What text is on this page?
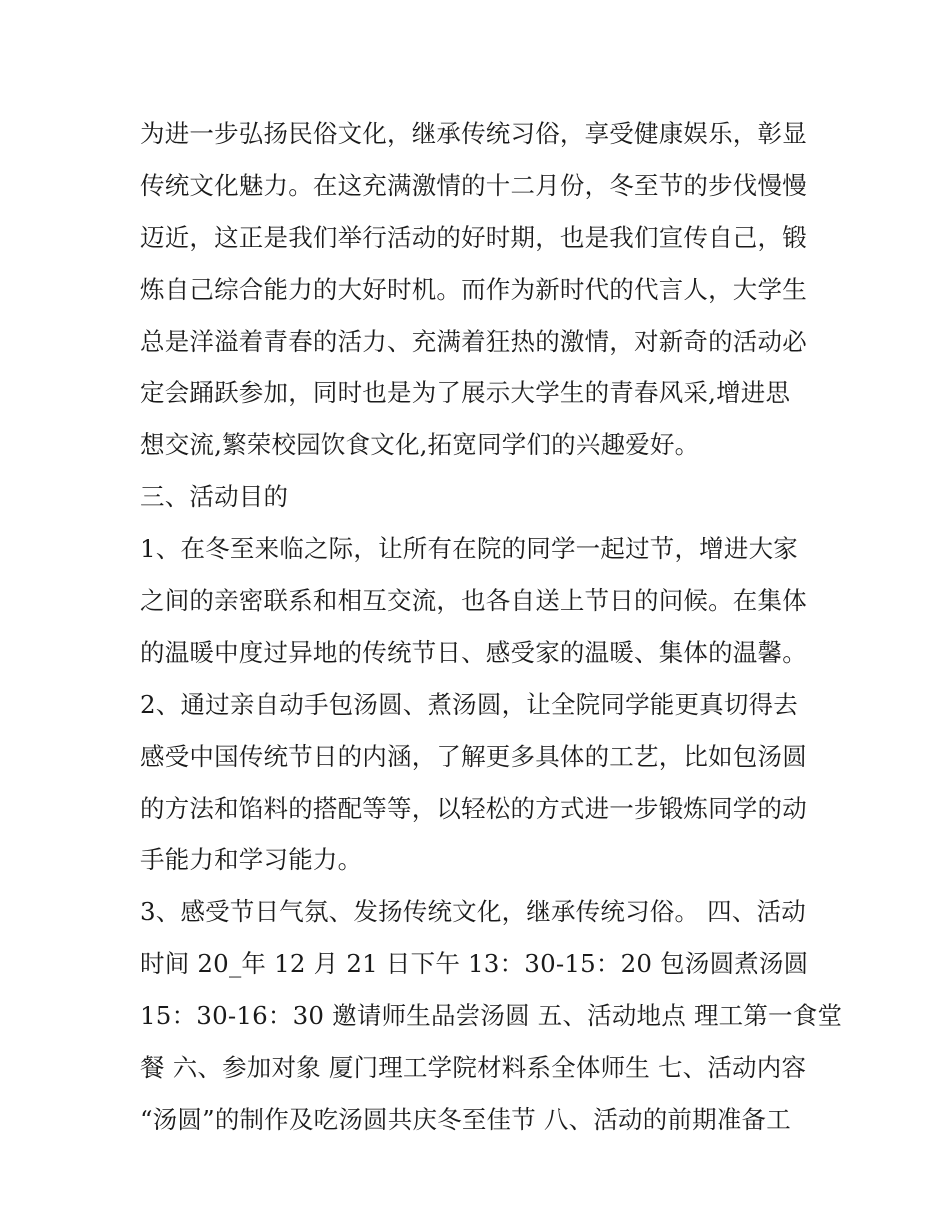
为进一步弘扬民俗文化，继承传统习俗，享受健康娱乐，彰显
传统文化魅力。在这充满激情的十二月份，冬至节的步伐慢慢
迈近，这正是我们举行活动的好时期，也是我们宣传自己，锻
炼自己综合能力的大好时机。而作为新时代的代言人，大学生
总是洋溢着青春的活力、充满着狂热的激情，对新奇的活动必
定会踊跃参加，同时也是为了展示大学生的青春风采,增进思
想交流,繁荣校园饮食文化,拓宽同学们的兴趣爱好。
三、活动目的
1、在冬至来临之际，让所有在院的同学一起过节，增进大家
之间的亲密联系和相互交流，也各自送上节日的问候。在集体
的温暖中度过异地的传统节日、感受家的温暖、集体的温馨。
2、通过亲自动手包汤圆、煮汤圆，让全院同学能更真切得去
感受中国传统节日的内涵，了解更多具体的工艺，比如包汤圆
的方法和馅料的搭配等等，以轻松的方式进一步锻炼同学的动
手能力和学习能力。
3、感受节日气氛、发扬传统文化，继承传统习俗。 四、活动
时间 20_年 12 月 21 日下午 13：30-15：20 包汤圆煮汤圆
15：30-16：30 邀请师生品尝汤圆 五、活动地点 理工第一食堂
餐 六、参加对象 厦门理工学院材料系全体师生 七、活动内容
“汤圆”的制作及吃汤圆共庆冬至佳节 八、活动的前期准备工
